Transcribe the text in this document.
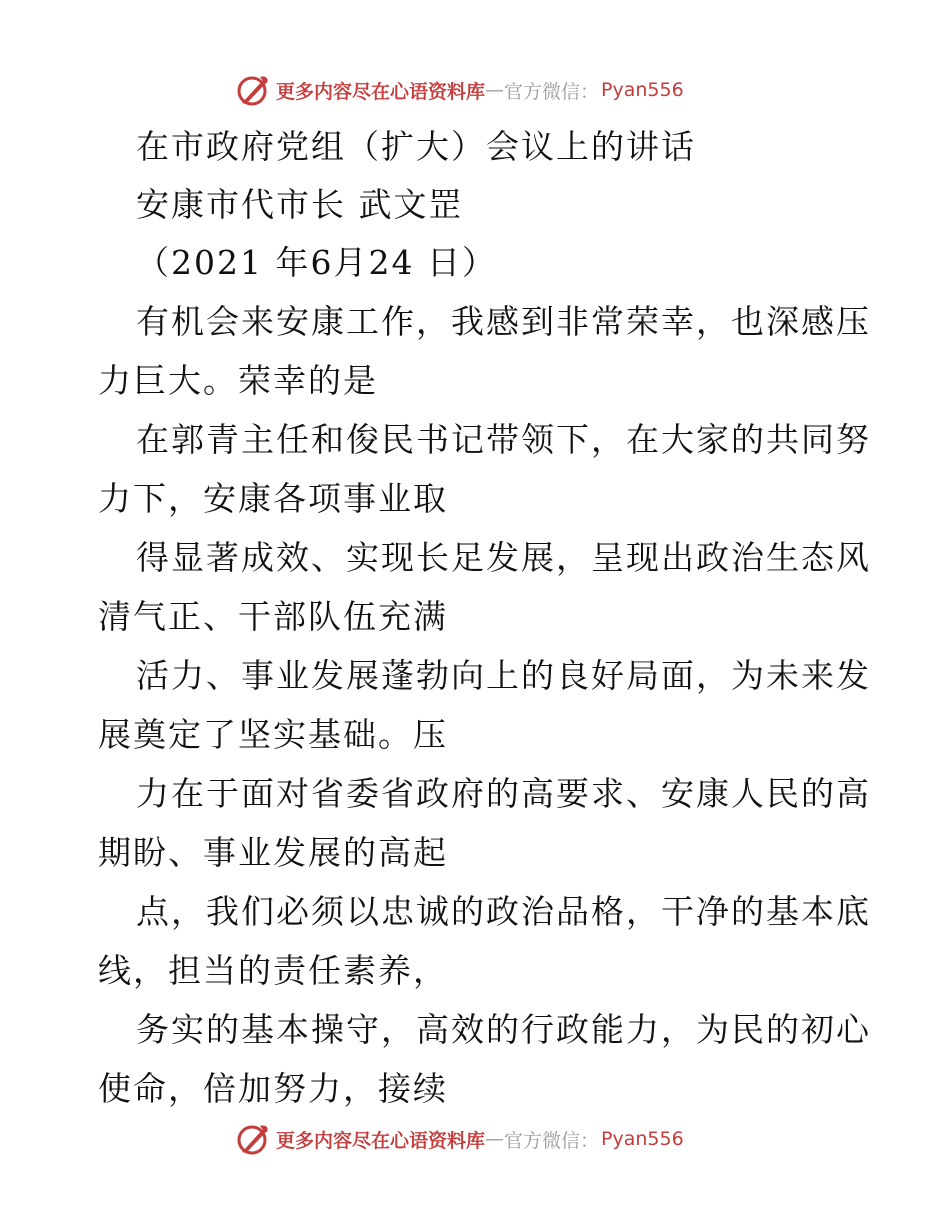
更多内容尽在心语资料库 — 官方微信： Pyan556
在市政府党组（扩大）会议上的讲话
安康市代市长 武文罡
（2021 年6月24 日）
有机会来安康工作，我感到非常荣幸，也深感压
力巨大。荣幸的是
在郭青主任和俊民书记带领下，在大家的共同努
力下，安康各项事业取
得显著成效、实现长足发展，呈现出政治生态风
清气正、干部队伍充满
活力、事业发展蓬勃向上的良好局面，为未来发
展奠定了坚实基础。压
力在于面对省委省政府的高要求、安康人民的高
期盼、事业发展的高起
点，我们必须以忠诚的政治品格，干净的基本底
线，担当的责任素养，
务实的基本操守，高效的行政能力，为民的初心
使命，倍加努力，接续
更多内容尽在心语资料库 — 官方微信： Pyan556
